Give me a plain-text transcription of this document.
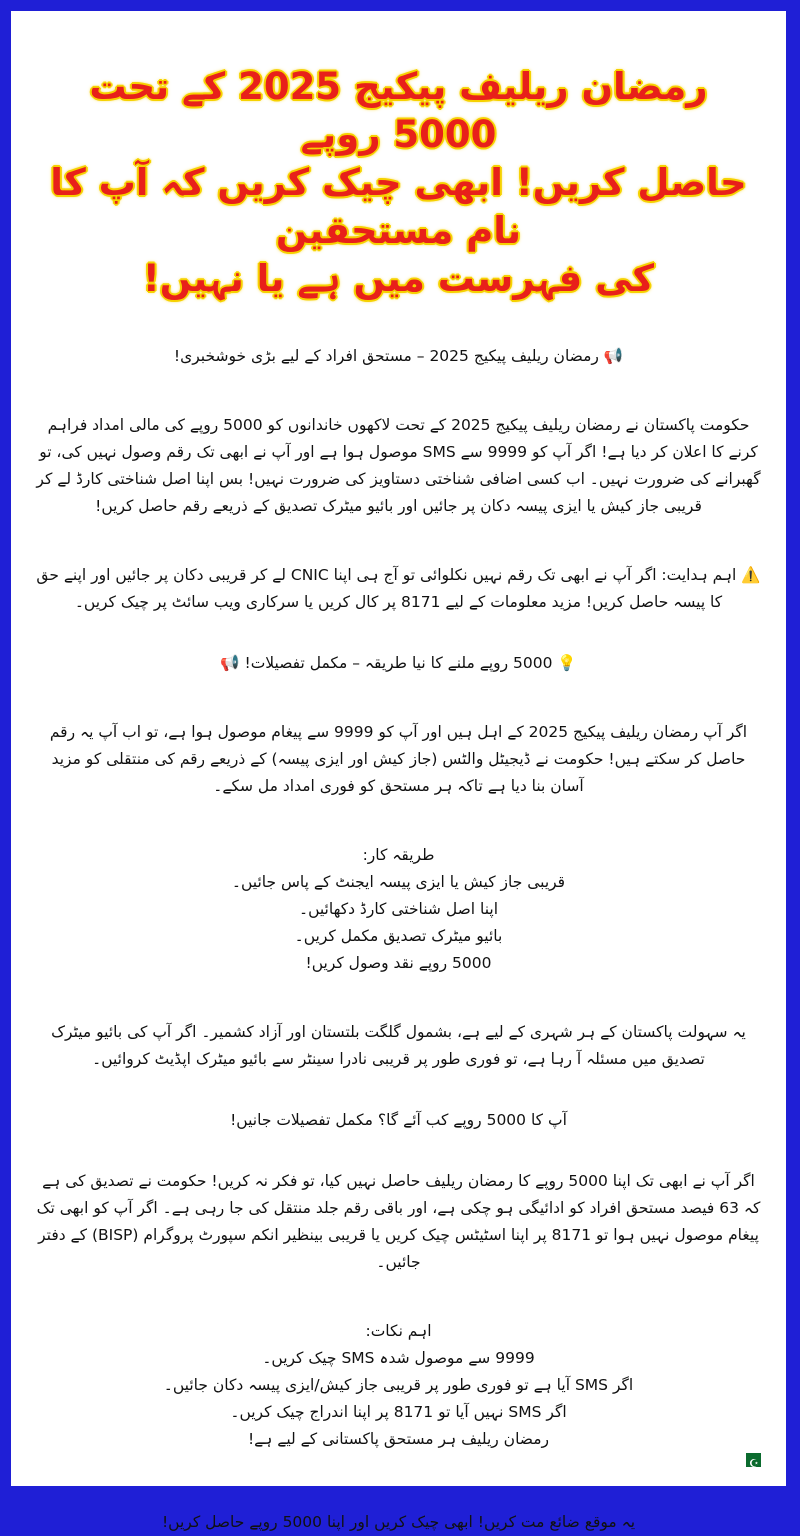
رمضان ریلیف پیکیج 2025 کے تحت 5000 روپے
حاصل کریں! ابھی چیک کریں کہ آپ کا نام مستحقین
کی فہرست میں ہے یا نہیں!

📢 رمضان ریلیف پیکیج 2025 – مستحق افراد کے لیے بڑی خوشخبری!

حکومت پاکستان نے رمضان ریلیف پیکیج 2025 کے تحت لاکھوں خاندانوں کو 5000 روپے کی مالی امداد فراہم کرنے کا اعلان کر دیا ہے! اگر آپ کو 9999 سے SMS موصول ہوا ہے اور آپ نے ابھی تک رقم وصول نہیں کی، تو گھبرانے کی ضرورت نہیں۔ اب کسی اضافی شناختی دستاویز کی ضرورت نہیں! بس اپنا اصل شناختی کارڈ لے کر قریبی جاز کیش یا ایزی پیسہ دکان پر جائیں اور بائیو میٹرک تصدیق کے ذریعے رقم حاصل کریں!

⚠️ اہم ہدایت: اگر آپ نے ابھی تک رقم نہیں نکلوائی تو آج ہی اپنا CNIC لے کر قریبی دکان پر جائیں اور اپنے حق کا پیسہ حاصل کریں! مزید معلومات کے لیے 8171 پر کال کریں یا سرکاری ویب سائٹ پر چیک کریں۔

💡 5000 روپے ملنے کا نیا طریقہ – مکمل تفصیلات! 📢

اگر آپ رمضان ریلیف پیکیج 2025 کے اہل ہیں اور آپ کو 9999 سے پیغام موصول ہوا ہے، تو اب آپ یہ رقم حاصل کر سکتے ہیں! حکومت نے ڈیجیٹل والٹس (جاز کیش اور ایزی پیسہ) کے ذریعے رقم کی منتقلی کو مزید آسان بنا دیا ہے تاکہ ہر مستحق کو فوری امداد مل سکے۔

طریقہ کار:
قریبی جاز کیش یا ایزی پیسہ ایجنٹ کے پاس جائیں۔
اپنا اصل شناختی کارڈ دکھائیں۔
بائیو میٹرک تصدیق مکمل کریں۔
5000 روپے نقد وصول کریں!

یہ سہولت پاکستان کے ہر شہری کے لیے ہے، بشمول گلگت بلتستان اور آزاد کشمیر۔ اگر آپ کی بائیو میٹرک تصدیق میں مسئلہ آ رہا ہے، تو فوری طور پر قریبی نادرا سینٹر سے بائیو میٹرک اپڈیٹ کروائیں۔

آپ کا 5000 روپے کب آئے گا؟ مکمل تفصیلات جانیں!

اگر آپ نے ابھی تک اپنا 5000 روپے کا رمضان ریلیف حاصل نہیں کیا، تو فکر نہ کریں! حکومت نے تصدیق کی ہے کہ 63 فیصد مستحق افراد کو ادائیگی ہو چکی ہے، اور باقی رقم جلد منتقل کی جا رہی ہے۔ اگر آپ کو ابھی تک پیغام موصول نہیں ہوا تو 8171 پر اپنا اسٹیٹس چیک کریں یا قریبی بینظیر انکم سپورٹ پروگرام (BISP) کے دفتر جائیں۔

اہم نکات:
9999 سے موصول شدہ SMS چیک کریں۔
اگر SMS آیا ہے تو فوری طور پر قریبی جاز کیش/ایزی پیسہ دکان جائیں۔
اگر SMS نہیں آیا تو 8171 پر اپنا اندراج چیک کریں۔
رمضان ریلیف ہر مستحق پاکستانی کے لیے ہے!
☪

یہ موقع ضائع مت کریں! ابھی چیک کریں اور اپنا 5000 روپے حاصل کریں!
